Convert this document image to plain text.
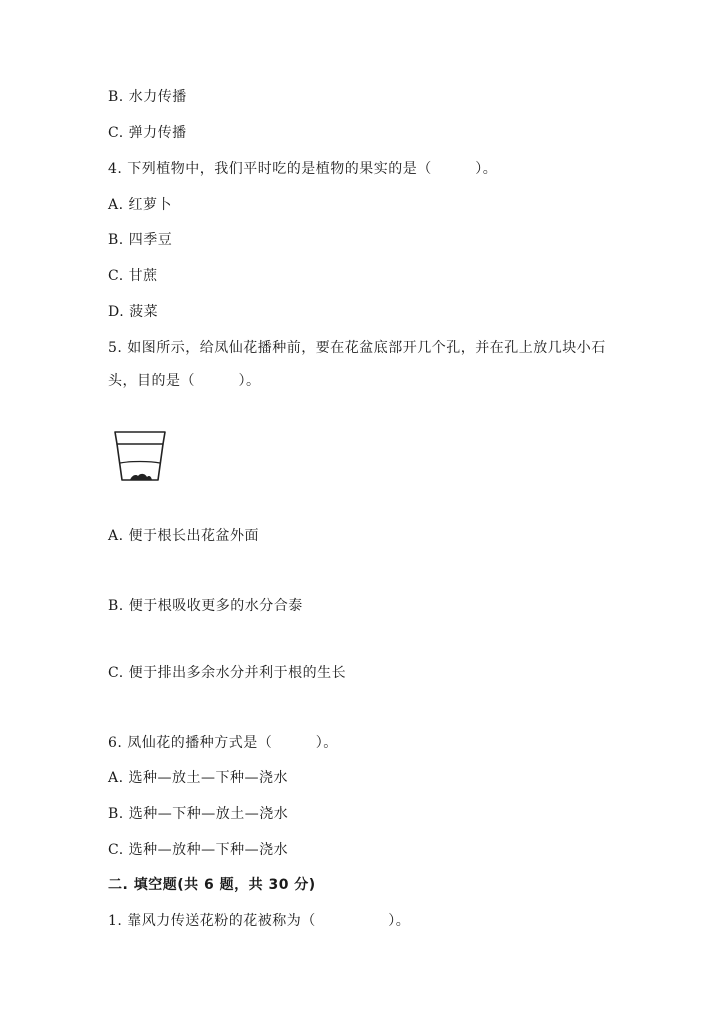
B. 水力传播
C. 弹力传播
4. 下列植物中，我们平时吃的是植物的果实的是（　　　）。
A. 红萝卜
B. 四季豆
C. 甘蔗
D. 菠菜
5. 如图所示，给凤仙花播种前，要在花盆底部开几个孔，并在孔上放几块小石
头，目的是（　　　）。
A. 便于根长出花盆外面
B. 便于根吸收更多的水分合泰
C. 便于排出多余水分并利于根的生长
6. 凤仙花的播种方式是（　　　）。
A. 选种—放土—下种—浇水
B. 选种—下种—放土—浇水
C. 选种—放种—下种—浇水
二. 填空题(共 6 题，共 30 分)
1. 靠风力传送花粉的花被称为（　　　　　）。
